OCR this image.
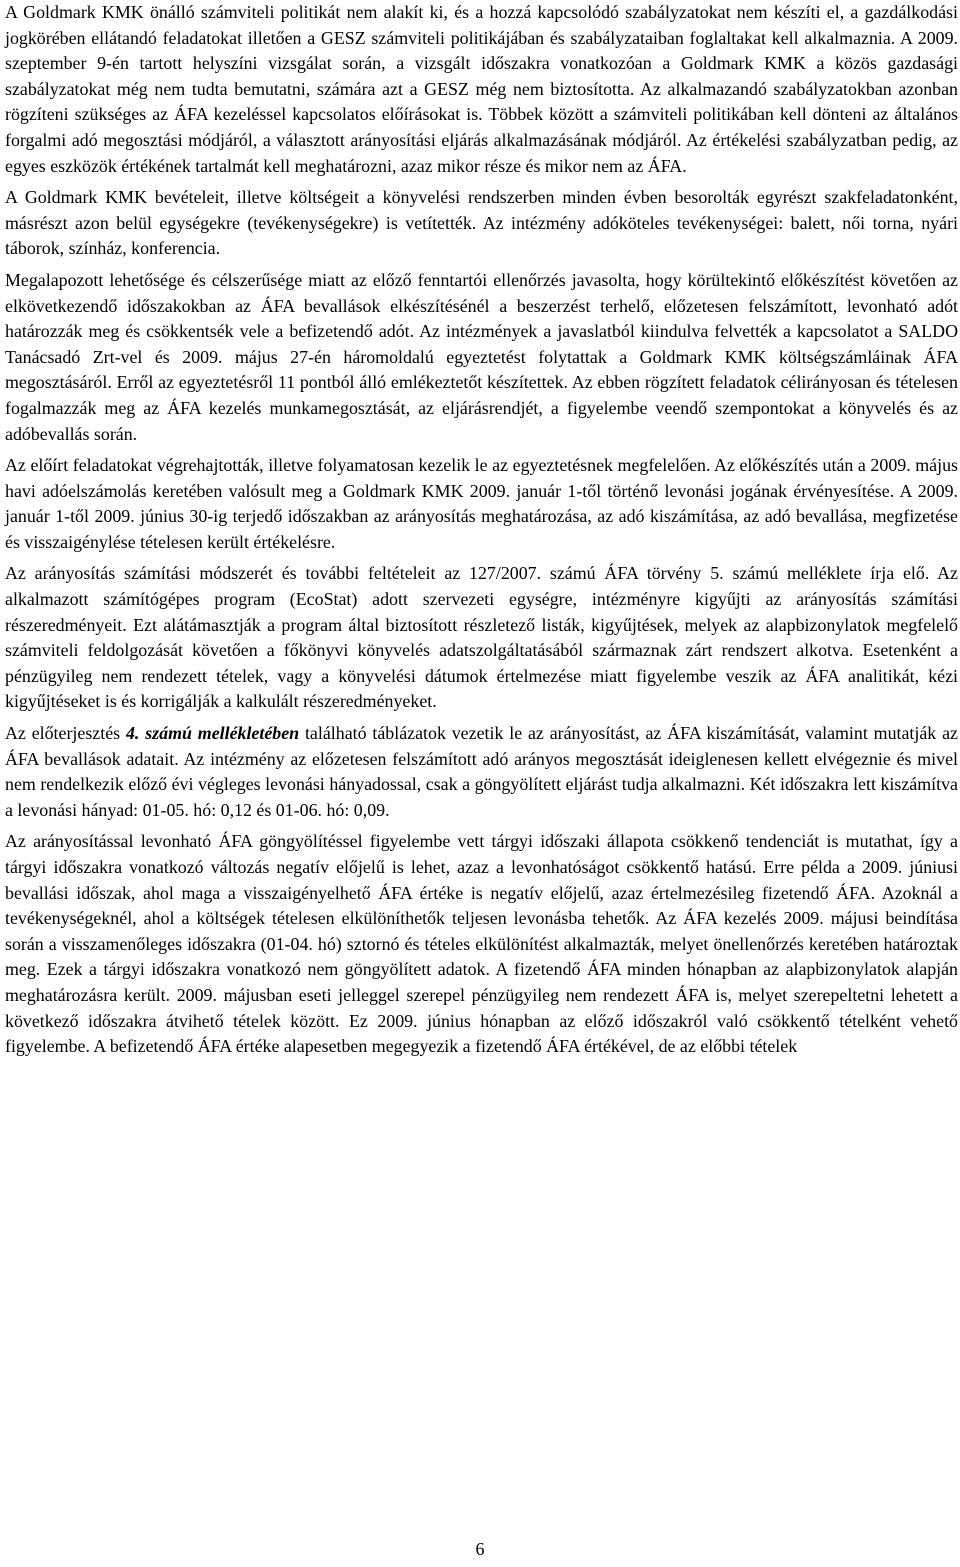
A Goldmark KMK önálló számviteli politikát nem alakít ki, és a hozzá kapcsolódó szabályzatokat nem készíti el, a gazdálkodási jogkörében ellátandó feladatokat illetően a GESZ számviteli politikájában és szabályzataiban foglaltakat kell alkalmaznia. A 2009. szeptember 9-én tartott helyszíni vizsgálat során, a vizsgált időszakra vonatkozóan a Goldmark KMK a közös gazdasági szabályzatokat még nem tudta bemutatni, számára azt a GESZ még nem biztosította. Az alkalmazandó szabályzatokban azonban rögzíteni szükséges az ÁFA kezeléssel kapcsolatos előírásokat is. Többek között a számviteli politikában kell dönteni az általános forgalmi adó megosztási módjáról, a választott arányosítási eljárás alkalmazásának módjáról. Az értékelési szabályzatban pedig, az egyes eszközök értékének tartalmát kell meghatározni, azaz mikor része és mikor nem az ÁFA.

A Goldmark KMK bevételeit, illetve költségeit a könyvelési rendszerben minden évben besorolták egyrészt szakfeladatonként, másrészt azon belül egységekre (tevékenységekre) is vetítették. Az intézmény adóköteles tevékenységei: balett, női torna, nyári táborok, színház, konferencia.

Megalapozott lehetősége és célszerűsége miatt az előző fenntartói ellenőrzés javasolta, hogy körültekintő előkészítést követően az elkövetkezendő időszakokban az ÁFA bevallások elkészítésénél a beszerzést terhelő, előzetesen felszámított, levonható adót határozzák meg és csökkentsék vele a befizetendő adót. Az intézmények a javaslatból kiindulva felvették a kapcsolatot a SALDO Tanácsadó Zrt-vel és 2009. május 27-én háromoldalú egyeztetést folytattak a Goldmark KMK költségszámláinak ÁFA megosztásáról. Erről az egyeztetésről 11 pontból álló emlékeztetőt készítettek. Az ebben rögzített feladatok célirányosan és tételesen fogalmazzák meg az ÁFA kezelés munkamegosztását, az eljárásrendjét, a figyelembe veendő szempontokat a könyvelés és az adóbevallás során.

Az előírt feladatokat végrehajtották, illetve folyamatosan kezelik le az egyeztetésnek megfelelően. Az előkészítés után a 2009. május havi adóelszámolás keretében valósult meg a Goldmark KMK 2009. január 1-től történő levonási jogának érvényesítése. A 2009. január 1-től 2009. június 30-ig terjedő időszakban az arányosítás meghatározása, az adó kiszámítása, az adó bevallása, megfizetése és visszaigénylése tételesen került értékelésre.

Az arányosítás számítási módszerét és további feltételeit az 127/2007. számú ÁFA törvény 5. számú melléklete írja elő. Az alkalmazott számítógépes program (EcoStat) adott szervezeti egységre, intézményre kigyűjti az arányosítás számítási részeredményeit. Ezt alátámasztják a program által biztosított részletező listák, kigyűjtések, melyek az alapbizonylatok megfelelő számviteli feldolgozását követően a főkönyvi könyvelés adatszolgáltatásából származnak zárt rendszert alkotva. Esetenként a pénzügyileg nem rendezett tételek, vagy a könyvelési dátumok értelmezése miatt figyelembe veszik az ÁFA analitikát, kézi kigyűjtéseket is és korrigálják a kalkulált részeredményeket.

Az előterjesztés 4. számú mellékletében található táblázatok vezetik le az arányosítást, az ÁFA kiszámítását, valamint mutatják az ÁFA bevallások adatait. Az intézmény az előzetesen felszámított adó arányos megosztását ideiglenesen kellett elvégeznie és mivel nem rendelkezik előző évi végleges levonási hányadossal, csak a göngyölített eljárást tudja alkalmazni. Két időszakra lett kiszámítva a levonási hányad: 01-05. hó: 0,12 és 01-06. hó: 0,09.

Az arányosítással levonható ÁFA göngyölítéssel figyelembe vett tárgyi időszaki állapota csökkenő tendenciát is mutathat, így a tárgyi időszakra vonatkozó változás negatív előjelű is lehet, azaz a levonhatóságot csökkentő hatású. Erre példa a 2009. júniusi bevallási időszak, ahol maga a visszaigényelhető ÁFA értéke is negatív előjelű, azaz értelmezésileg fizetendő ÁFA. Azoknál a tevékenységeknél, ahol a költségek tételesen elkülöníthetők teljesen levonásba tehetők. Az ÁFA kezelés 2009. májusi beindítása során a visszamenőleges időszakra (01-04. hó) sztornó és tételes elkülönítést alkalmazták, melyet önellenőrzés keretében határoztak meg. Ezek a tárgyi időszakra vonatkozó nem göngyölített adatok. A fizetendő ÁFA minden hónapban az alapbizonylatok alapján meghatározásra került. 2009. májusban eseti jelleggel szerepel pénzügyileg nem rendezett ÁFA is, melyet szerepeltetni lehetett a következő időszakra átvihető tételek között. Ez 2009. június hónapban az előző időszakról való csökkentő tételként vehető figyelembe. A befizetendő ÁFA értéke alapesetben megegyezik a fizetendő ÁFA értékével, de az előbbi tételek

6
